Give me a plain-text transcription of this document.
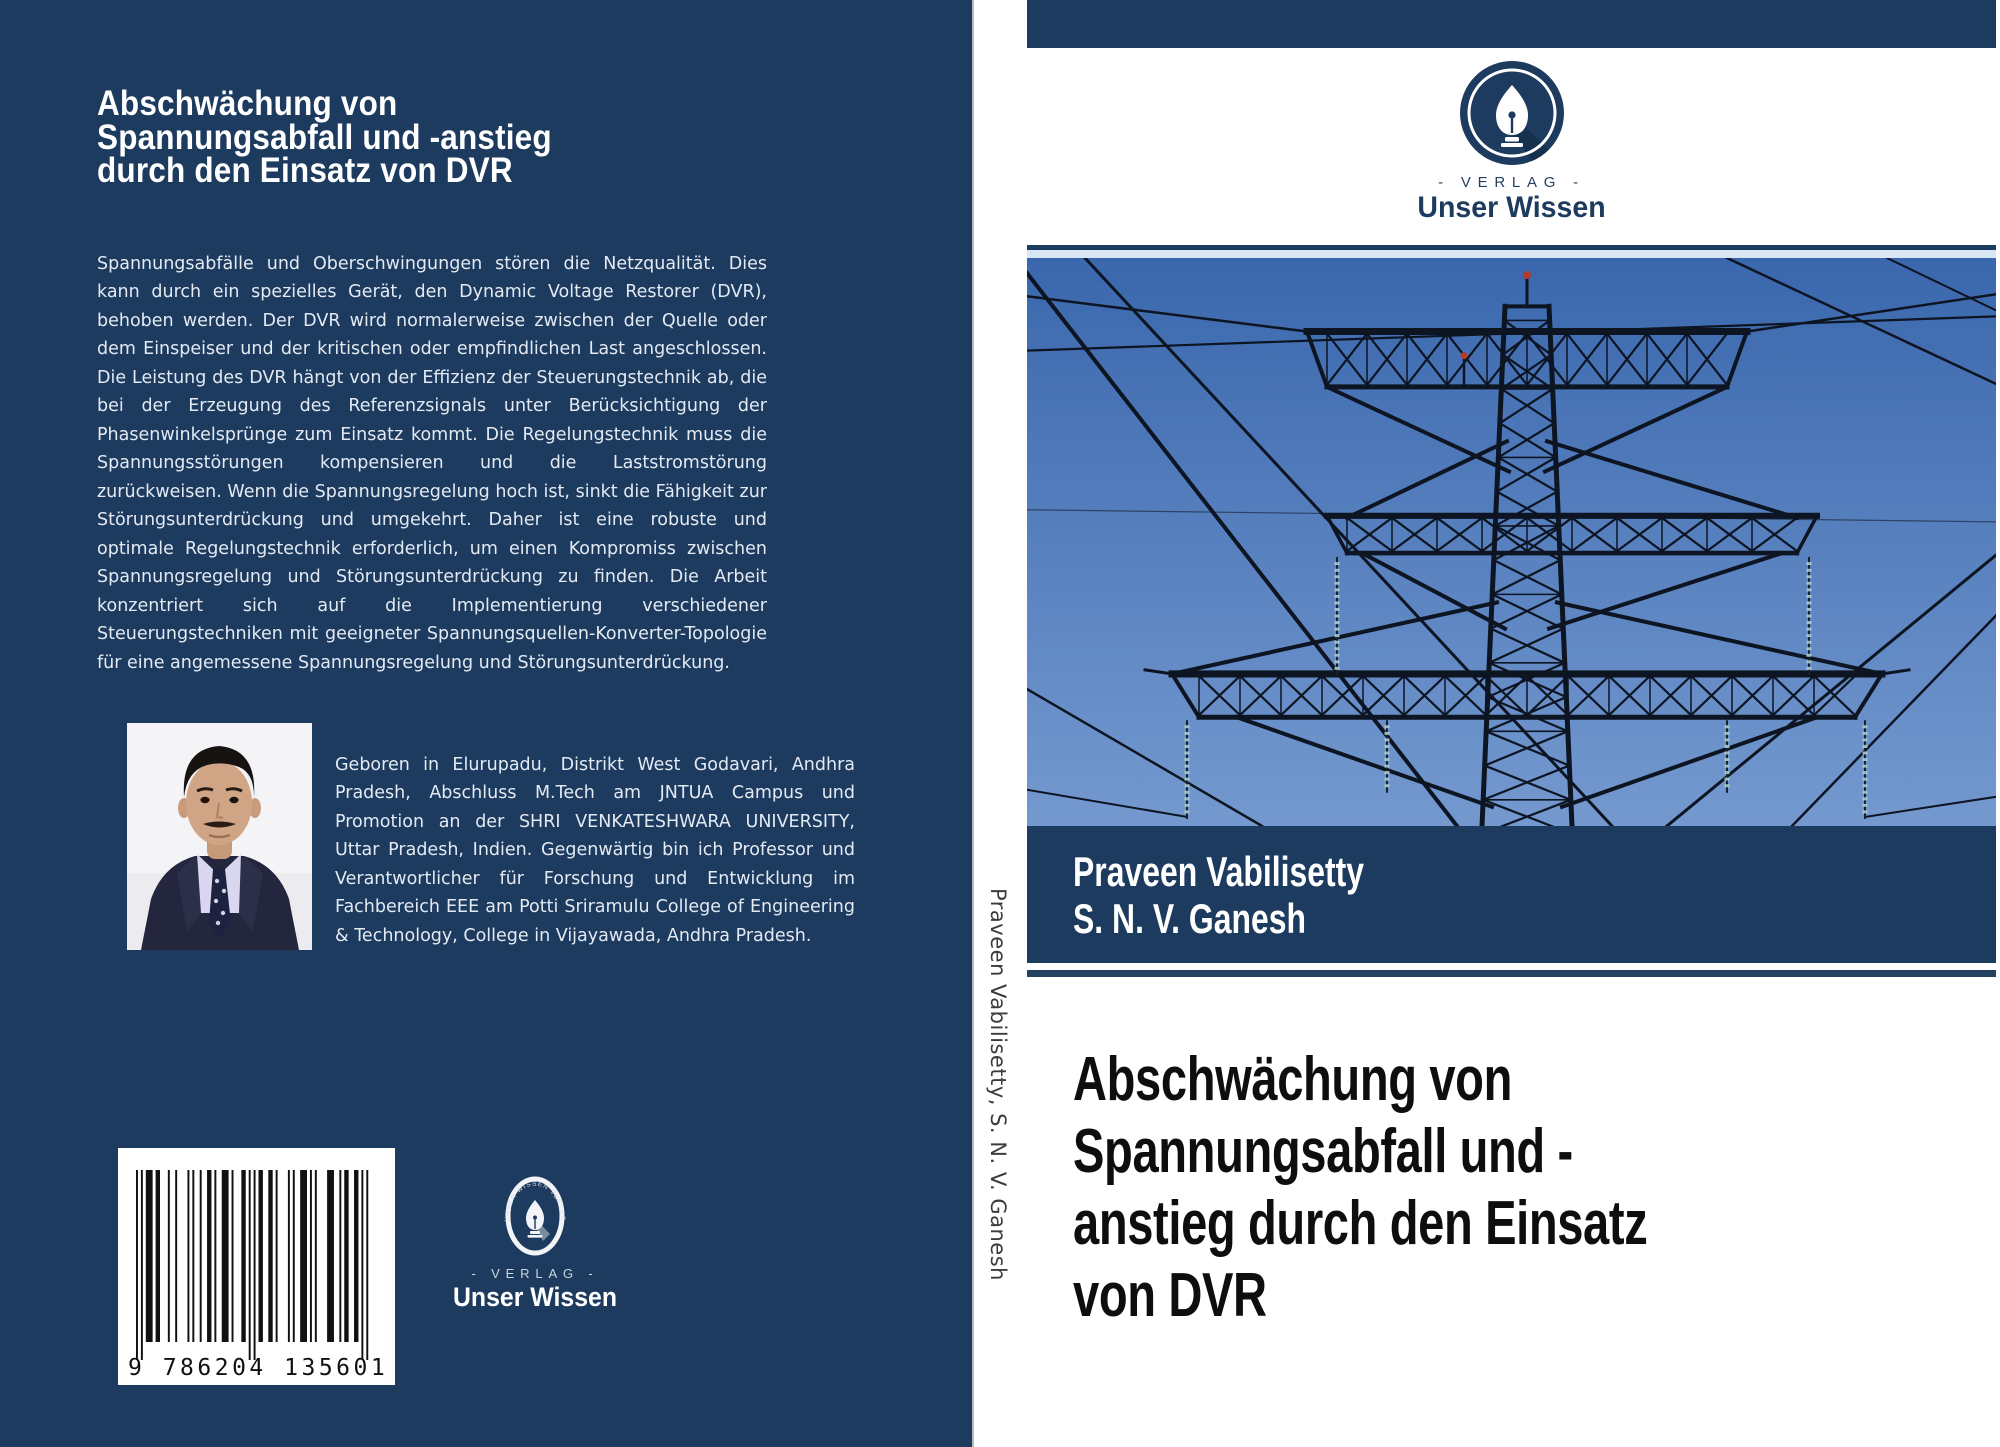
Abschwächung von
Spannungsabfall und -anstieg
durch den Einsatz von DVR

Spannungsabfälle und Oberschwingungen stören die Netzqualität. Dies kann durch ein spezielles Gerät, den Dynamic Voltage Restorer (DVR), behoben werden. Der DVR wird normalerweise zwischen der Quelle oder dem Einspeiser und der kritischen oder empfindlichen Last angeschlossen. Die Leistung des DVR hängt von der Effizienz der Steuerungstechnik ab, die bei der Erzeugung des Referenzsignals unter Berücksichtigung der Phasenwinkelsprünge zum Einsatz kommt. Die Regelungstechnik muss die Spannungsstörungen kompensieren und die Laststromstörung zurückweisen. Wenn die Spannungsregelung hoch ist, sinkt die Fähigkeit zur Störungsunterdrückung und umgekehrt. Daher ist eine robuste und optimale Regelungstechnik erforderlich, um einen Kompromiss zwischen Spannungsregelung und Störungsunterdrückung zu finden. Die Arbeit konzentriert sich auf die Implementierung verschiedener Steuerungstechniken mit geeigneter Spannungsquellen-Konverter-Topologie für eine angemessene Spannungsregelung und Störungsunterdrückung.

Geboren in Elurupadu, Distrikt West Godavari, Andhra Pradesh, Abschluss M.Tech am JNTUA Campus und Promotion an der SHRI VENKATESHWARA UNIVERSITY, Uttar Pradesh, Indien. Gegenwärtig bin ich Professor und Verantwortlicher für Forschung und Entwicklung im Fachbereich EEE am Potti Sriramulu College of Engineering & Technology, College in Vijayawada, Andhra Pradesh.

9 786204 135601
UNSER WISSEN VERLAG
- VERLAG -
Unser Wissen
Praveen Vabilisetty, S. N. V. Ganesh
- VERLAG -
Unser Wissen
Praveen Vabilisetty
S. N. V. Ganesh
Abschwächung von
Spannungsabfall und -
anstieg durch den Einsatz
von DVR
